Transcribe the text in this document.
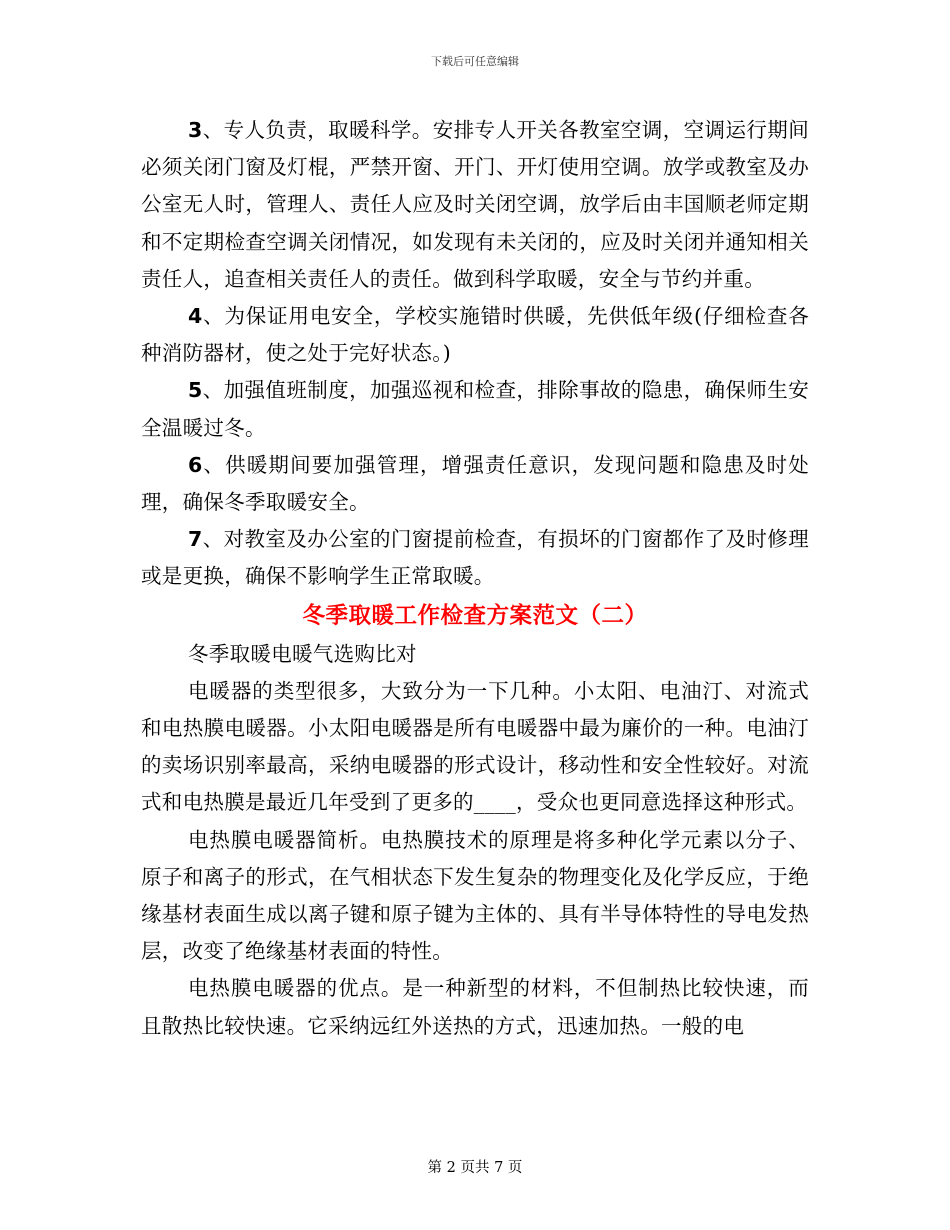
下载后可任意编辑

3、专人负责，取暖科学。安排专人开关各教室空调，空调运行期间必须关闭门窗及灯棍，严禁开窗、开门、开灯使用空调。放学或教室及办公室无人时，管理人、责任人应及时关闭空调，放学后由丰国顺老师定期和不定期检查空调关闭情况，如发现有未关闭的，应及时关闭并通知相关责任人，追查相关责任人的责任。做到科学取暖，安全与节约并重。

4、为保证用电安全，学校实施错时供暖，先供低年级(仔细检查各种消防器材，使之处于完好状态。)

5、加强值班制度，加强巡视和检查，排除事故的隐患，确保师生安全温暖过冬。

6、供暖期间要加强管理，增强责任意识，发现问题和隐患及时处理，确保冬季取暖安全。

7、对教室及办公室的门窗提前检查，有损坏的门窗都作了及时修理或是更换，确保不影响学生正常取暖。

冬季取暖工作检查方案范文（二）

冬季取暖电暖气选购比对

电暖器的类型很多，大致分为一下几种。小太阳、电油汀、对流式和电热膜电暖器。小太阳电暖器是所有电暖器中最为廉价的一种。电油汀的卖场识别率最高，采纳电暖器的形式设计，移动性和安全性较好。对流式和电热膜是最近几年受到了更多的____，受众也更同意选择这种形式。

电热膜电暖器简析。电热膜技术的原理是将多种化学元素以分子、原子和离子的形式，在气相状态下发生复杂的物理变化及化学反应，于绝缘基材表面生成以离子键和原子键为主体的、具有半导体特性的导电发热层，改变了绝缘基材表面的特性。

电热膜电暖器的优点。是一种新型的材料，不但制热比较快速，而且散热比较快速。它采纳远红外送热的方式，迅速加热。一般的电

第 2 页共 7 页
